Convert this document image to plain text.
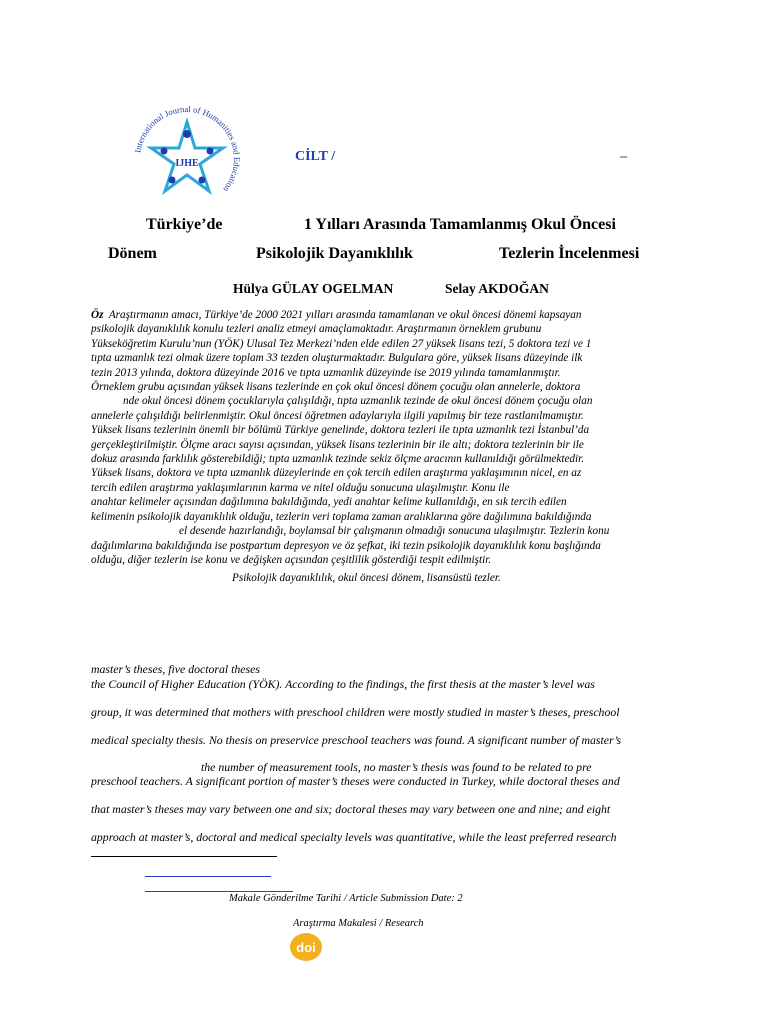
International Journal of Humanities and Education
IJHE	CİLT /	–
Türkiye’de	1 Yılları Arasında Tamamlanmış Okul Öncesi
Dönem	Psikolojik Dayanıklılık	Tezlerin İncelenmesi
Hülya GÜLAY OGELMAN	Selay AKDOĞAN
Öz Araştırmanın amacı, Türkiye’de 2000 2021 yılları arasında tamamlanan ve okul öncesi dönemi kapsayan
psikolojik dayanıklılık konulu tezleri analiz etmeyi amaçlamaktadır. Araştırmanın örneklem grubunu
Yükseköğretim Kurulu’nun (YÖK) Ulusal Tez Merkezi’nden elde edilen 27 yüksek lisans tezi, 5 doktora tezi ve 1
tıpta uzmanlık tezi olmak üzere toplam 33 tezden oluşturmaktadır. Bulgulara göre, yüksek lisans düzeyinde ilk
tezin 2013 yılında, doktora düzeyinde 2016 ve tıpta uzmanlık düzeyinde ise 2019 yılında tamamlanmıştır.
Örneklem grubu açısından yüksek lisans tezlerinde en çok okul öncesi dönem çocuğu olan annelerle, doktora
nde okul öncesi dönem çocuklarıyla çalışıldığı, tıpta uzmanlık tezinde de okul öncesi dönem çocuğu olan
annelerle çalışıldığı belirlenmiştir. Okul öncesi öğretmen adaylarıyla ilgili yapılmış bir teze rastlanılmamıştır.
Yüksek lisans tezlerinin önemli bir bölümü Türkiye genelinde, doktora tezleri ile tıpta uzmanlık tezi İstanbul’da
gerçekleştirilmiştir. Ölçme aracı sayısı açısından, yüksek lisans tezlerinin bir ile altı; doktora tezlerinin bir ile
dokuz arasında farklılık gösterebildiği; tıpta uzmanlık tezinde sekiz ölçme aracının kullanıldığı görülmektedir.
Yüksek lisans, doktora ve tıpta uzmanlık düzeylerinde en çok tercih edilen araştırma yaklaşımının nicel, en az
tercih edilen araştırma yaklaşımlarının karma ve nitel olduğu sonucuna ulaşılmıştır. Konu ile
anahtar kelimeler açısından dağılımına bakıldığında, yedi anahtar kelime kullanıldığı, en sık tercih edilen
kelimenin psikolojik dayanıklılık olduğu, tezlerin veri toplama zaman aralıklarına göre dağılımına bakıldığında
el desende hazırlandığı, boylamsal bir çalışmanın olmadığı sonucuna ulaşılmıştır. Tezlerin konu
dağılımlarına bakıldığında ise postpartum depresyon ve öz şefkat, iki tezin psikolojik dayanıklılık konu başlığında
olduğu, diğer tezlerin ise konu ve değişken açısından çeşitlilik gösterdiği tespit edilmiştir.
Psikolojik dayanıklılık, okul öncesi dönem, lisansüstü tezler.
master’s theses, five doctoral theses
the Council of Higher Education (YÖK). According to the findings, the first thesis at the master’s level was
group, it was determined that mothers with preschool children were mostly studied in master’s theses, preschool
medical specialty thesis. No thesis on preservice preschool teachers was found. A significant number of master’s
the number of measurement tools, no master’s thesis was found to be related to pre
preschool teachers. A significant portion of master’s theses were conducted in Turkey, while doctoral theses and
that master’s theses may vary between one and six; doctoral theses may vary between one and nine; and eight
approach at master’s, doctoral and medical specialty levels was quantitative, while the least preferred research
Makale Gönderilme Tarihi / Article Submission Date: 2
Araştırma Makalesi / Research
doi
